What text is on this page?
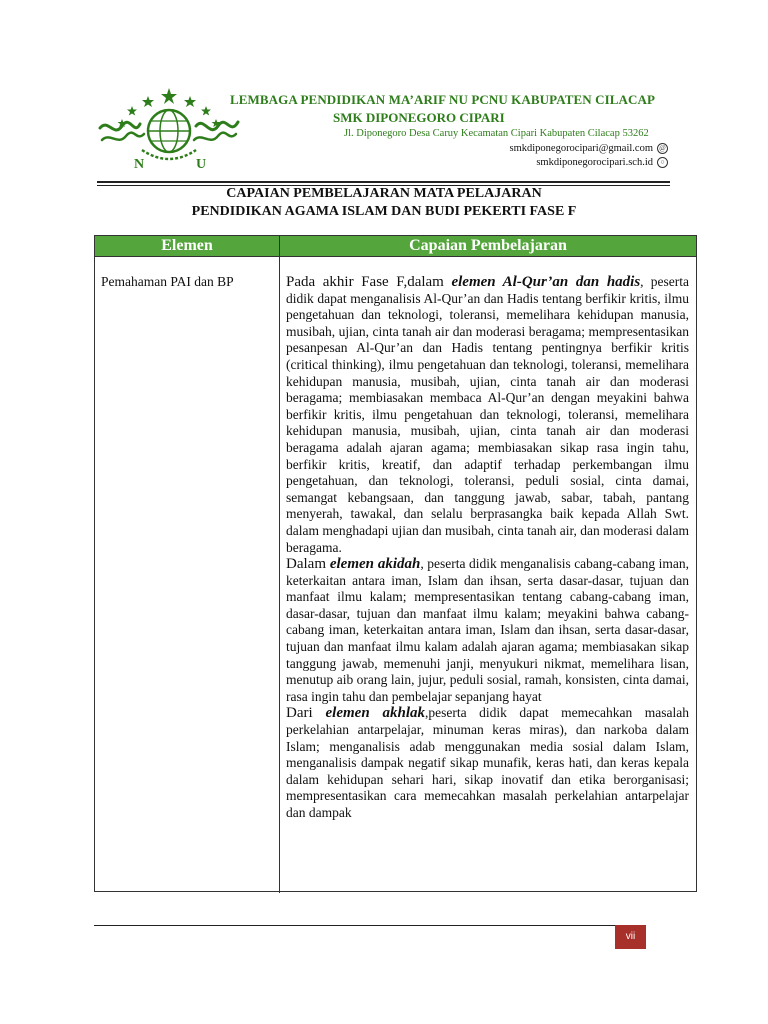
N	U
LEMBAGA PENDIDIKAN MA’ARIF NU PCNU KABUPATEN CILACAP
SMK DIPONEGORO CIPARI
Jl. Diponegoro Desa Caruy Kecamatan Cipari Kabupaten Cilacap 53262
smkdiponegorocipari@gmail.com @
smkdiponegorocipari.sch.id	○
CAPAIAN PEMBELAJARAN MATA PELAJARAN
PENDIDIKAN AGAMA ISLAM DAN BUDI PEKERTI FASE F
Elemen	Capaian Pembelajaran
Pemahaman PAI dan BP	Pada akhir Fase F,dalam elemen Al-Qur’an dan hadis, peserta didik dapat menganalisis Al-Qur’an dan Hadis tentang berfikir kritis, ilmu pengetahuan dan teknologi, toleransi, memelihara kehidupan manusia, musibah, ujian, cinta tanah air dan moderasi beragama; mempresentasikan pesanpesan Al-Qur’an dan Hadis tentang pentingnya berfikir kritis (critical thinking), ilmu pengetahuan dan teknologi, toleransi, memelihara kehidupan manusia, musibah, ujian, cinta tanah air dan moderasi beragama; membiasakan membaca Al-Qur’an dengan meyakini bahwa berfikir kritis, ilmu pengetahuan dan teknologi, toleransi, memelihara kehidupan manusia, musibah, ujian, cinta tanah air dan moderasi beragama adalah ajaran agama; membiasakan sikap rasa ingin tahu, berfikir kritis, kreatif, dan adaptif terhadap perkembangan ilmu pengetahuan, dan teknologi, toleransi, peduli sosial, cinta damai, semangat kebangsaan, dan tanggung jawab, sabar, tabah, pantang menyerah, tawakal, dan selalu berprasangka baik kepada Allah Swt. dalam menghadapi ujian dan musibah, cinta tanah air, dan moderasi dalam beragama.

Dalam elemen akidah, peserta didik menganalisis cabang-cabang iman, keterkaitan antara iman, Islam dan ihsan, serta dasar-dasar, tujuan dan manfaat ilmu kalam; mempresentasikan tentang cabang-cabang iman, dasar-dasar, tujuan dan manfaat ilmu kalam; meyakini bahwa cabang-cabang iman, keterkaitan antara iman, Islam dan ihsan, serta dasar-dasar, tujuan dan manfaat ilmu kalam adalah ajaran agama; membiasakan sikap tanggung jawab, memenuhi janji, menyukuri nikmat, memelihara lisan, menutup aib orang lain, jujur, peduli sosial, ramah, konsisten, cinta damai, rasa ingin tahu dan pembelajar sepanjang hayat

Dari elemen akhlak,peserta didik dapat memecahkan masalah perkelahian antarpelajar, minuman keras miras), dan narkoba dalam Islam; menganalisis adab menggunakan media sosial dalam Islam, menganalisis dampak negatif sikap munafik, keras hati, dan keras kepala dalam kehidupan sehari hari, sikap inovatif dan etika berorganisasi; mempresentasikan cara memecahkan masalah perkelahian antarpelajar dan dampak

vii
